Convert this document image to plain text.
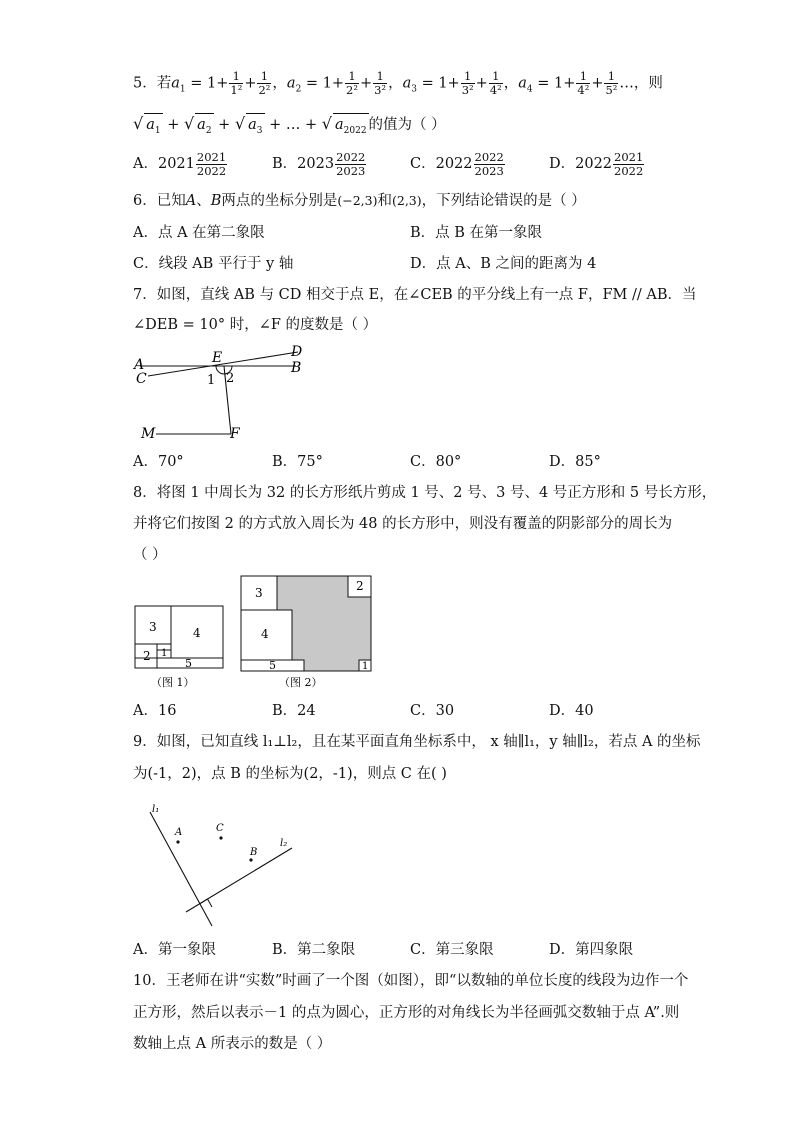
5．若$a_1 = 1+ \frac{1}{\text{1²}} + \frac{1}{\text{2²}}$ ，$a_2 = 1+ \frac{1}{\text{2²}} + \frac{1}{\text{3²}}$ ，$a_3 = 1+ \frac{1}{\text{3²}} + \frac{1}{\text{4²}}$ ，$a_4 = 1+ \frac{1}{\text{4²}} + \frac{1}{\text{5²}}$ …，则
√ $a_1$ + √ $a_2$ + √ $a_3$ + … + √ $a_{2022}$ 的值为（ ）
A．$2021 \frac{2021}{2022}$	B．$2023 \frac{2022}{2023}$	C．$2022 \frac{2022}{2023}$	D．$2022 \frac{2021}{2022}$
6．已知A、B两点的坐标分别是(−2,3)和(2,3)，下列结论错误的是（ ）
A．点 A 在第二象限	B．点 B 在第一象限
C．线段 AB 平行于 y 轴	D．点 A、B 之间的距离为 4
7．如图，直线 AB 与 CD 相交于点 E，在∠CEB 的平分线上有一点 F，FM // AB．当
∠DEB = 10° 时，∠F 的度数是（ ）
A
C
E	D
B
1 2
M	F
A．70°	B．75°	C．80°	D．85°
8．将图 1 中周长为 32 的长方形纸片剪成 1 号、2 号、3 号、4 号正方形和 5 号长方形，
并将它们按图 2 的方式放入周长为 48 的长方形中，则没有覆盖的阴影部分的周长为
（ ）
3	4
2 1
5
（图 1）
3
4
2
5	1
（图 2）
A．16	B．24	C．30	D．40
9．如图，已知直线 l₁⊥l₂，且在某平面直角坐标系中， x 轴∥l₁，y 轴∥l₂，若点 A 的坐标
为(-1，2)，点 B 的坐标为(2，-1)，则点 C 在( )
l₁
l₂
A	C
B
A．第一象限	B．第二象限	C．第三象限	D．第四象限
10．王老师在讲“实数”时画了一个图（如图），即“以数轴的单位长度的线段为边作一个
正方形，然后以表示－1 的点为圆心，正方形的对角线长为半径画弧交数轴于点 A”.则
数轴上点 A 所表示的数是（ ）
